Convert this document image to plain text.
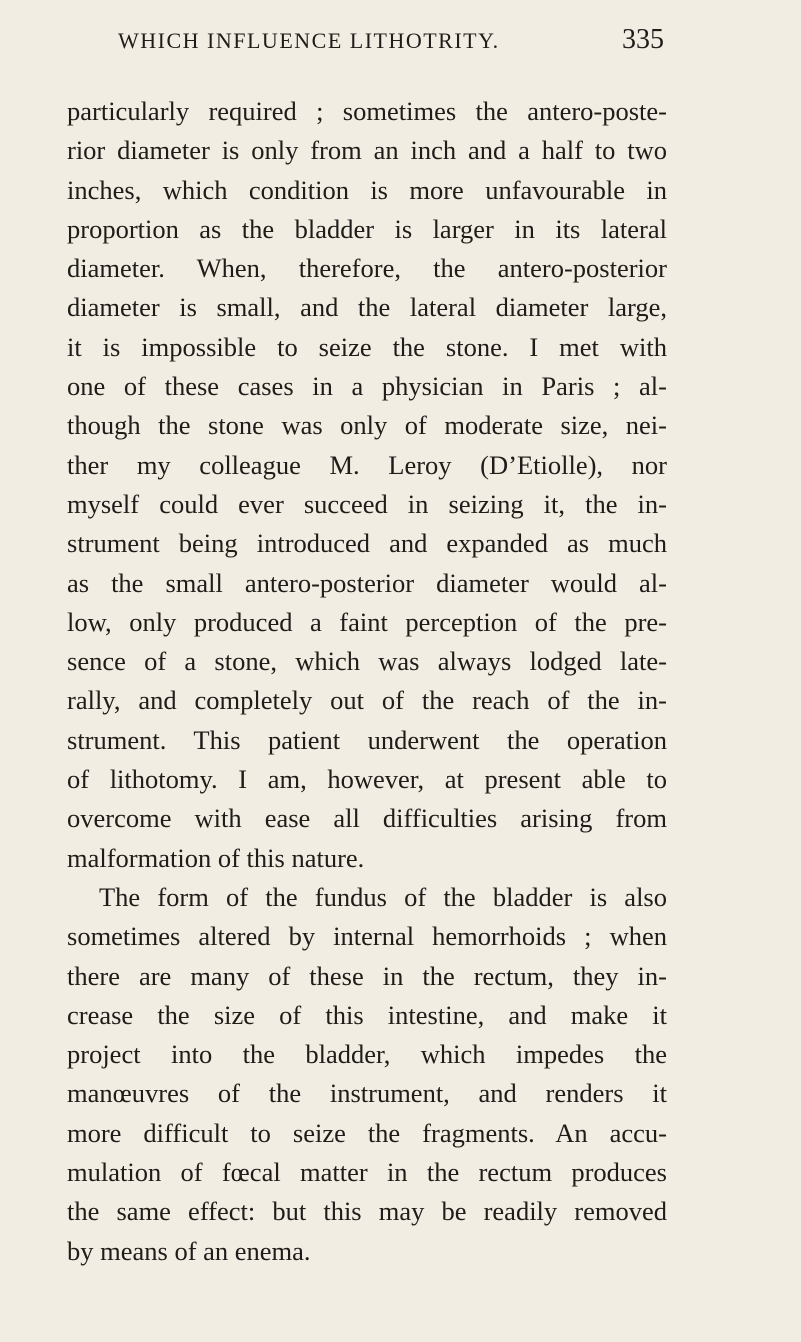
WHICH INFLUENCE LITHOTRITY.	335
particularly required ; sometimes the antero-poste-
rior diameter is only from an inch and a half to two
inches, which condition is more unfavourable in
proportion as the bladder is larger in its lateral
diameter. When, therefore, the antero-posterior
diameter is small, and the lateral diameter large,
it is impossible to seize the stone. I met with
one of these cases in a physician in Paris ; al-
though the stone was only of moderate size, nei-
ther my colleague M. Leroy (D’Etiolle), nor
myself could ever succeed in seizing it, the in-
strument being introduced and expanded as much
as the small antero-posterior diameter would al-
low, only produced a faint perception of the pre-
sence of a stone, which was always lodged late-
rally, and completely out of the reach of the in-
strument. This patient underwent the operation
of lithotomy. I am, however, at present able to
overcome with ease all difficulties arising from
malformation of this nature.
The form of the fundus of the bladder is also
sometimes altered by internal hemorrhoids ; when
there are many of these in the rectum, they in-
crease the size of this intestine, and make it
project into the bladder, which impedes the
manœuvres of the instrument, and renders it
more difficult to seize the fragments. An accu-
mulation of fœcal matter in the rectum produces
the same effect: but this may be readily removed
by means of an enema.
